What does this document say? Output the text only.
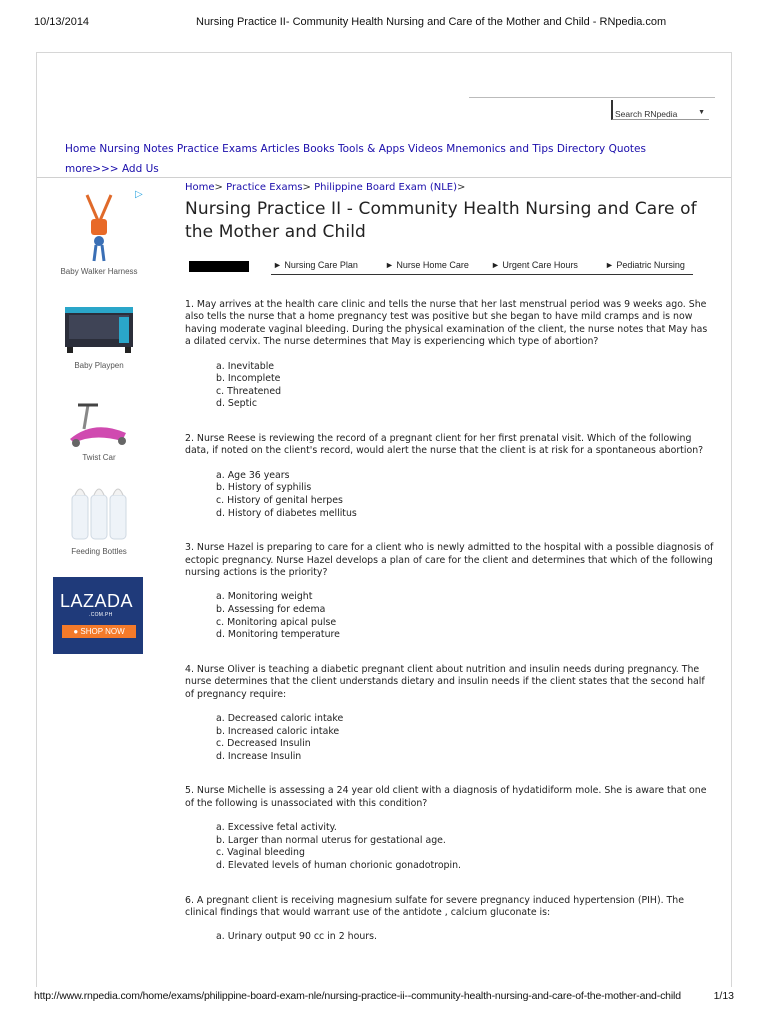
10/13/2014	Nursing Practice II- Community Health Nursing and Care of the Mother and Child - RNpedia.com
Search RNpedia	▼
Home Nursing Notes Practice Exams Articles Books Tools & Apps Videos Mnemonics and Tips Directory Quotes
more>>> Add Us
▷
Baby Walker Harness
Baby Playpen
Twist Car
Feeding Bottles
LAZADA
.COM.PH
● SHOP NOW
Home> Practice Exams> Philippine Board Exam (NLE)>
Nursing Practice II - Community Health Nursing and Care of the Mother and Child
► Nursing Care Plan	► Nurse Home Care ► Urgent Care Hours	► Pediatric Nursing

1. May arrives at the health care clinic and tells the nurse that her last menstrual period was 9 weeks ago. She also tells the nurse that a home pregnancy test was positive but she began to have mild cramps and is now having moderate vaginal bleeding. During the physical examination of the client, the nurse notes that May has a dilated cervix. The nurse determines that May is experiencing which type of abortion?

a. Inevitable
b. Incomplete
c. Threatened
d. Septic

2. Nurse Reese is reviewing the record of a pregnant client for her first prenatal visit. Which of the following data, if noted on the client's record, would alert the nurse that the client is at risk for a spontaneous abortion?

a. Age 36 years
b. History of syphilis
c. History of genital herpes
d. History of diabetes mellitus

3. Nurse Hazel is preparing to care for a client who is newly admitted to the hospital with a possible diagnosis of ectopic pregnancy. Nurse Hazel develops a plan of care for the client and determines that which of the following nursing actions is the priority?

a. Monitoring weight
b. Assessing for edema
c. Monitoring apical pulse
d. Monitoring temperature

4. Nurse Oliver is teaching a diabetic pregnant client about nutrition and insulin needs during pregnancy. The nurse determines that the client understands dietary and insulin needs if the client states that the second half of pregnancy require:

a. Decreased caloric intake
b. Increased caloric intake
c. Decreased Insulin
d. Increase Insulin

5. Nurse Michelle is assessing a 24 year old client with a diagnosis of hydatidiform mole. She is aware that one of the following is unassociated with this condition?

a. Excessive fetal activity.
b. Larger than normal uterus for gestational age.
c. Vaginal bleeding
d. Elevated levels of human chorionic gonadotropin.

6. A pregnant client is receiving magnesium sulfate for severe pregnancy induced hypertension (PIH). The clinical findings that would warrant use of the antidote , calcium gluconate is:

a. Urinary output 90 cc in 2 hours.
http://www.rnpedia.com/home/exams/philippine-board-exam-nle/nursing-practice-ii--community-health-nursing-and-care-of-the-mother-and-child	1/13
